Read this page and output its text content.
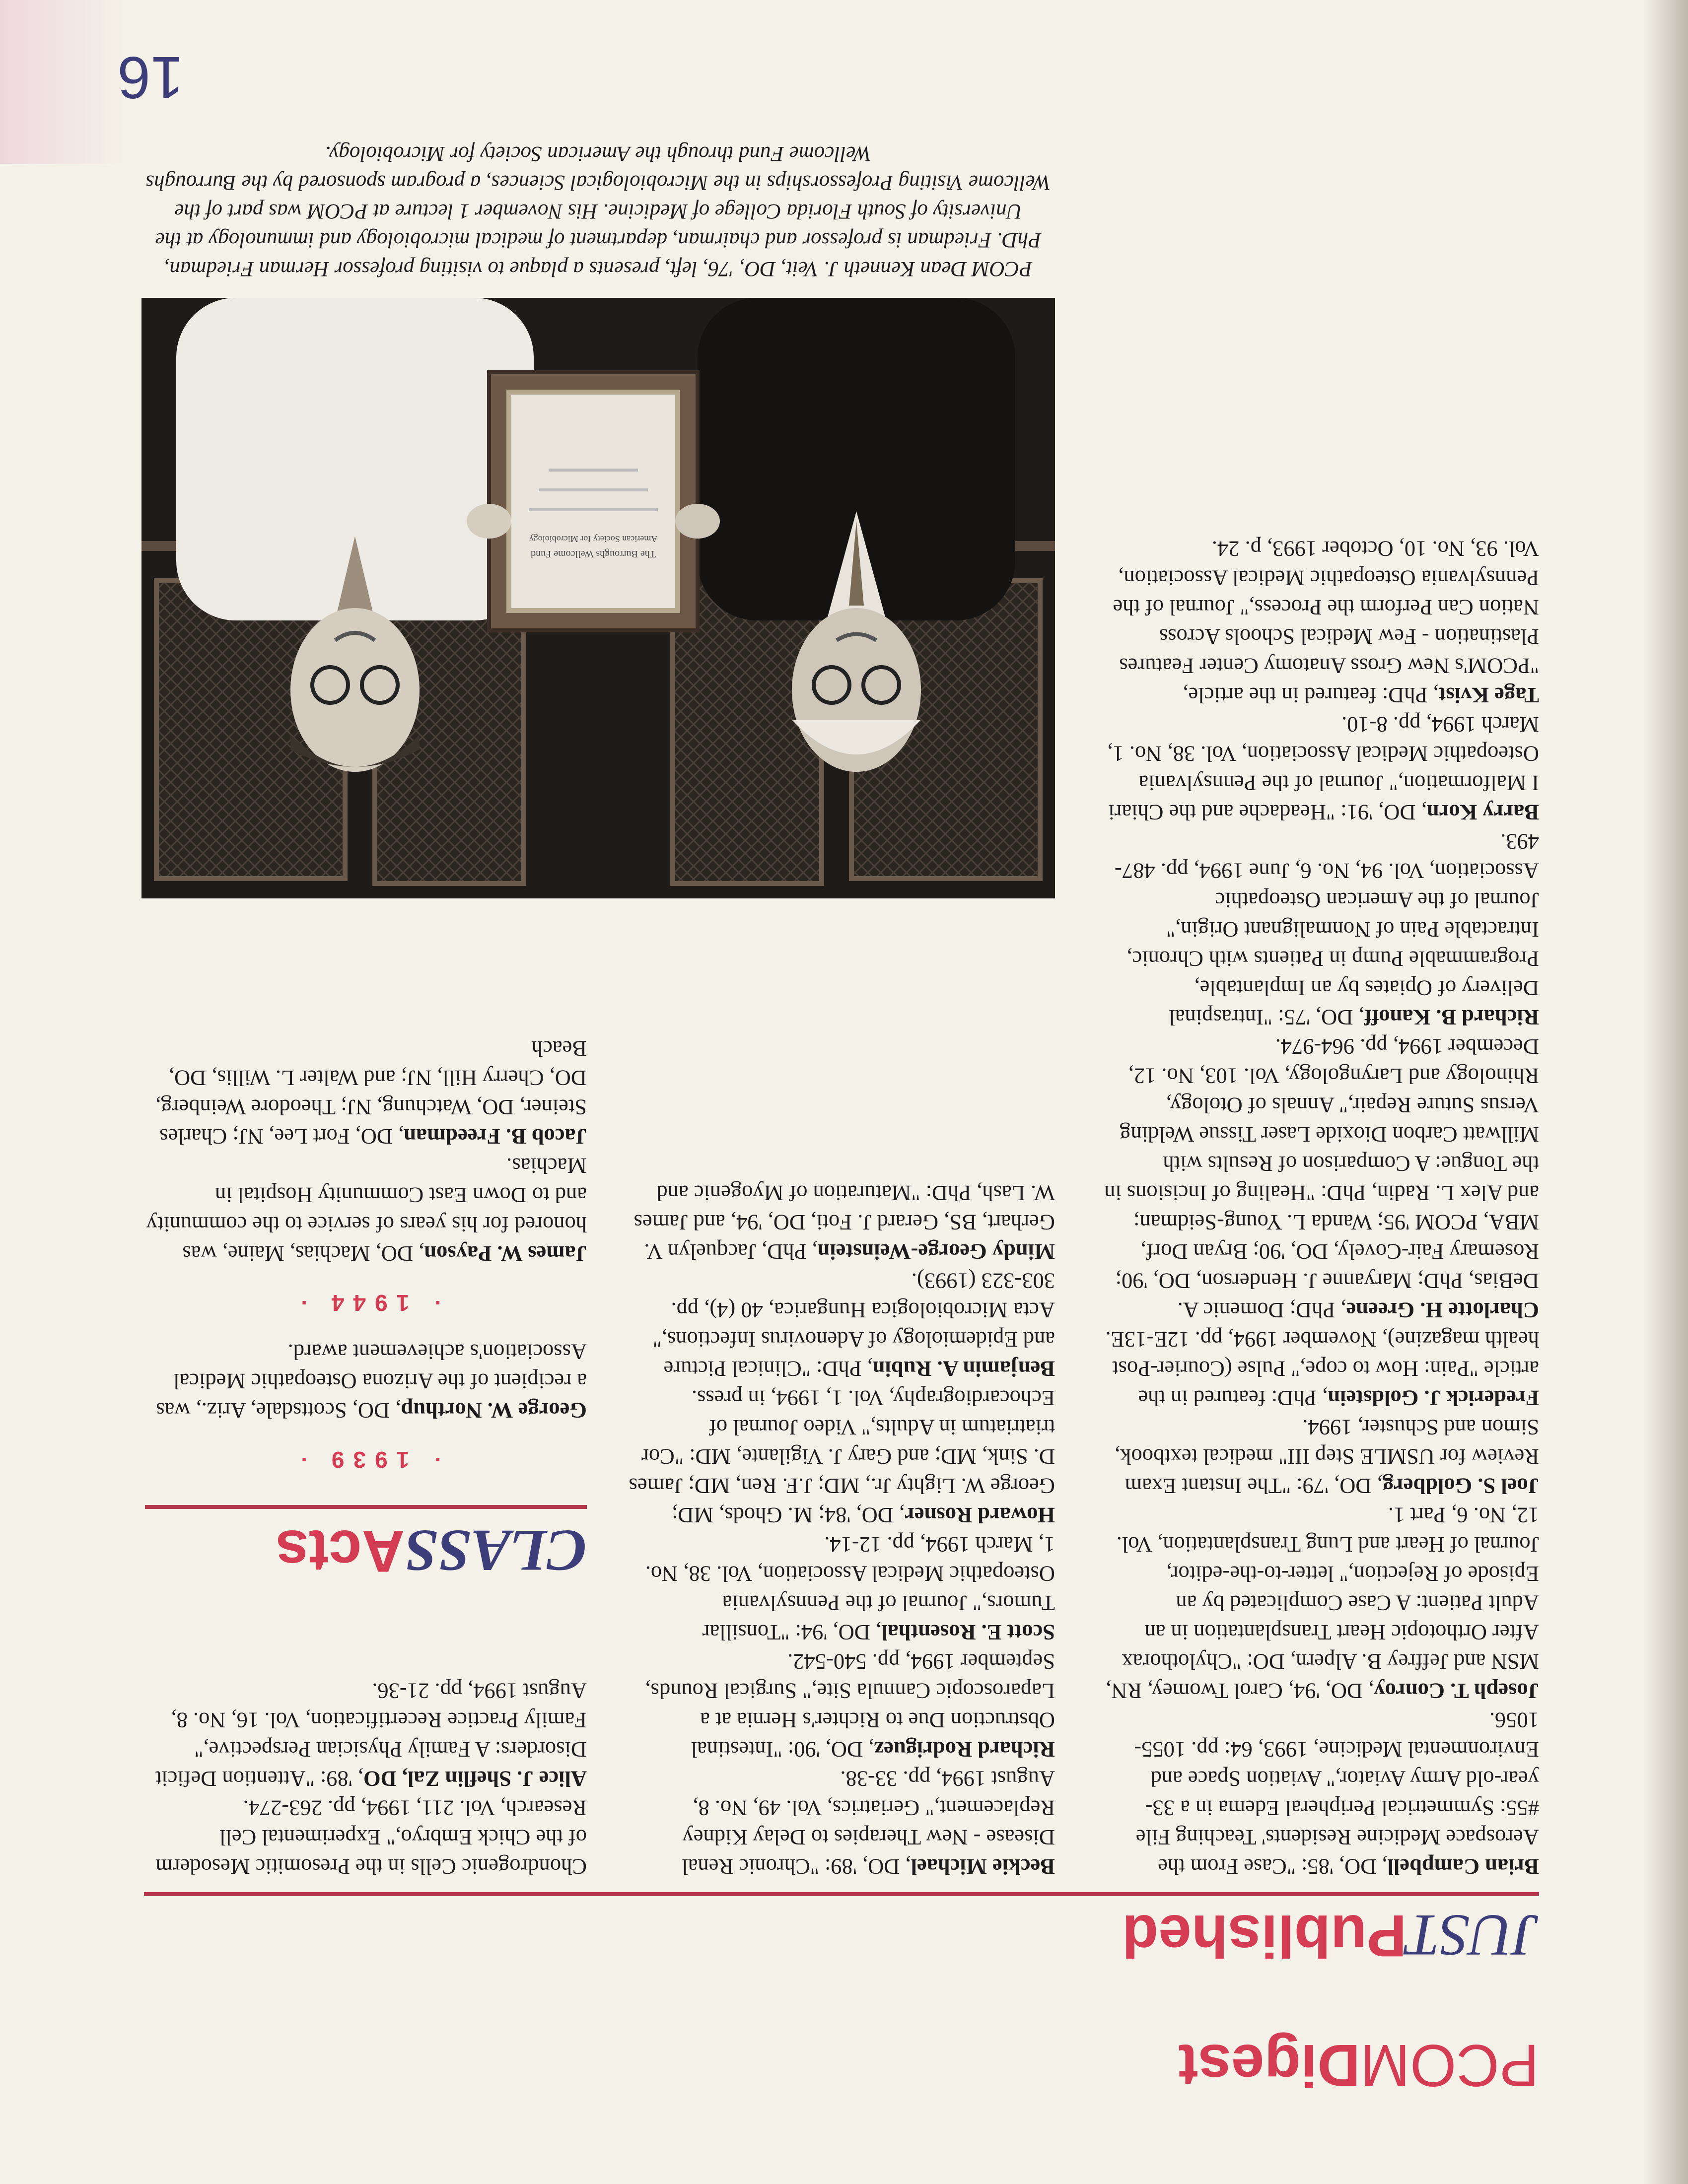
PCOMDigest
JUSTPublished
CLASSActs

Brian Campbell, DO, '85: "Case From the Aerospace Medicine Residents' Teaching File #55: Symmetrical Peripheral Edema in a 33-year-old Army Aviator," Aviation Space and Environmental Medicine, 1993, 64: pp. 1055-1056.

Joseph T. Conroy, DO, '94, Carol Twomey, RN, MSN and Jeffrey B. Alpern, DO: "Chylothorax After Orthotopic Heart Transplantation in an Adult Patient: A Case Complicated by an Episode of Rejection," letter-to-the-editor, Journal of Heart and Lung Transplantation, Vol. 12, No. 6, Part 1.

Joel S. Goldberg, DO, '79: "The Instant Exam Review for USMLE Step III" medical textbook, Simon and Schuster, 1994.

Frederick J. Goldstein, PhD: featured in the article "Pain: How to cope," Pulse (Courier-Post health magazine), November 1994, pp. 12E-13E.

Charlotte H. Greene, PhD; Domenic A. DeBias, PhD; Maryanne J. Henderson, DO, '90; Rosemary Fair-Covely, DO, '90; Bryan Dorf, MBA, PCOM '95; Wanda L. Young-Seidman; and Alex L. Radin, PhD: "Healing of Incisions in the Tongue: A Comparison of Results with Millwatt Carbon Dioxide Laser Tissue Welding Versus Suture Repair," Annals of Otology, Rhinology and Laryngology, Vol. 103, No. 12, December 1994, pp. 964-974.

Richard B. Kanoff, DO, '75: "Intraspinal Delivery of Opiates by an Implantable, Programmable Pump in Patients with Chronic, Intractable Pain of Nonmalignant Origin," Journal of the American Osteopathic Association, Vol. 94, No. 6, June 1994, pp. 487-493.

Barry Korn, DO, '91: "Headache and the Chiari I Malformation," Journal of the Pennsylvania Osteopathic Medical Association, Vol. 38, No. 1, March 1994, pp. 8-10.

Tage Kvist, PhD: featured in the article, "PCOM's New Gross Anatomy Center Features Plastination - Few Medical Schools Across Nation Can Perform the Process," Journal of the Pennsylvania Osteopathic Medical Association, Vol. 93, No. 10, October 1993, p. 24.

Beckie Michael, DO, '89: "Chronic Renal Disease - New Therapies to Delay Kidney Replacement," Geriatrics, Vol. 49, No. 8, August 1994, pp. 33-38.

Richard Rodriguez, DO, '90: "Intestinal Obstruction Due to Richter's Hernia at a Laparoscopic Cannula Site," Surgical Rounds, September 1994, pp. 540-542.

Scott E. Rosenthal, DO, '94: "Tonsillar Tumors," Journal of the Pennsylvania Osteopathic Medical Association, Vol. 38, No. 1, March 1994, pp. 12-14.

Howard Rosner, DO, '84; M. Ghods, MD; George W. Lighty Jr., MD; J.F. Ren, MD; James D. Sink, MD; and Gary J. Vigilante, MD: "Cor triatriatum in Adults," Video Journal of Echocardiography, Vol. 1, 1994, in press.

Benjamin A. Rubin, PhD: "Clinical Picture and Epidemiology of Adenovirus Infections," Acta Microbiologica Hungarica, 40 (4), pp. 303-323 (1993).

Mindy George-Weinstein, PhD, Jacquelyn V. Gerhart, BS, Gerard J. Foti, DO, '94, and James W. Lash, PhD: "Maturation of Myogenic and

Chondrogenic Cells in the Presomitic Mesoderm of the Chick Embryo," Experimental Cell Research, Vol. 211, 1994, pp. 263-274.

Alice J. Sheflin Zal, DO, '89: "Attention Deficit Disorders: A Family Physician Perspective," Family Practice Recertification, Vol. 16, No. 8, August 1994, pp. 21-36.

· 1939 ·

George W. Northup, DO, Scottsdale, Ariz., was a recipient of the Arizona Osteopathic Medical Association's achievement award.

· 1944 ·

James W. Payson, DO, Machias, Maine, was honored for his years of service to the community and to Down East Community Hospital in Machias.

Jacob B. Freedman, DO, Fort Lee, NJ; Charles Steiner, DO, Watchung, NJ; Theodore Weinberg, DO, Cherry Hill, NJ; and Walter L. Willis, DO, Beach

The Burroughs Wellcome Fund
American Society for Microbiology
PCOM Dean Kenneth J. Veit, DO, '76, left, presents a plaque to visiting professor Herman Friedman, PhD. Friedman is professor and chairman, department of medical microbiology and immunology at the University of South Florida College of Medicine. His November 1 lecture at PCOM was part of the Wellcome Visiting Professorships in the Microbiological Sciences, a program sponsored by the Burroughs Wellcome Fund through the American Society for Microbiology.
16
